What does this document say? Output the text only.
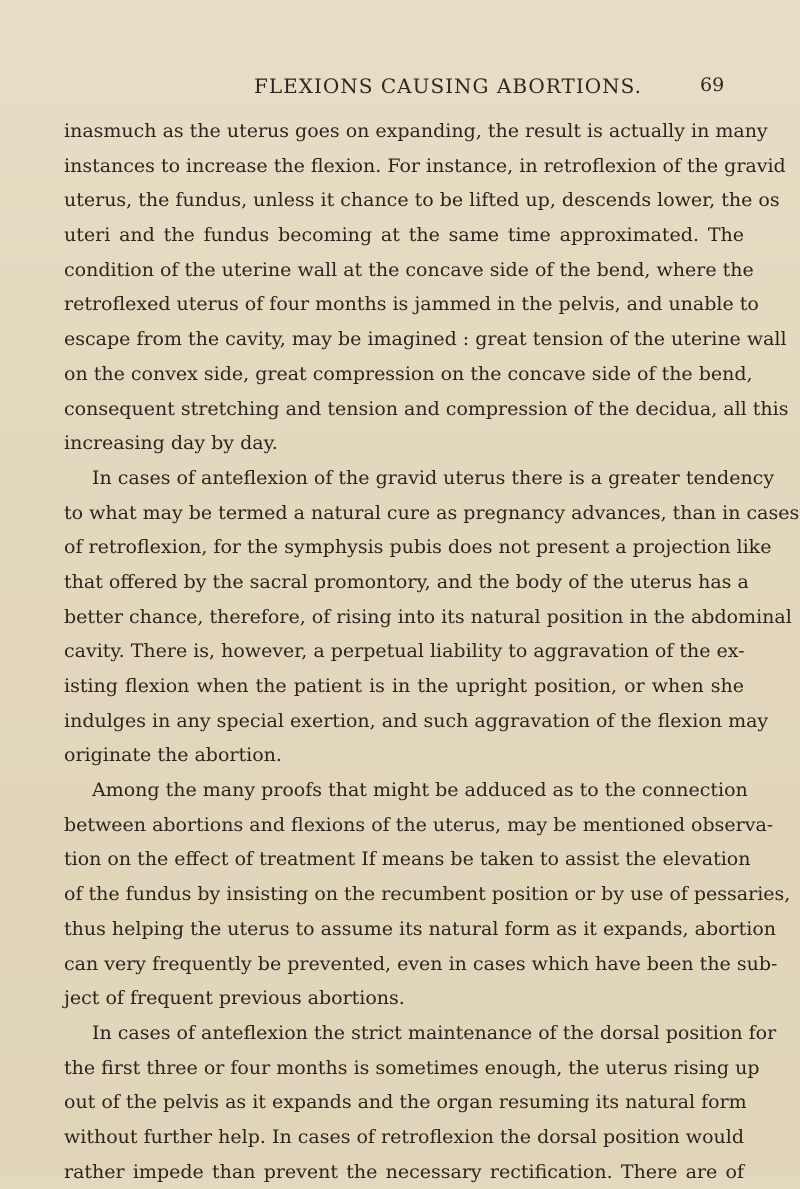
FLEXIONS CAUSING ABORTIONS.	69
inasmuch as the uterus goes on expanding, the result is actually in many
instances to increase the flexion. For instance, in retroflexion of the gravid
uterus, the fundus, unless it chance to be lifted up, descends lower, the os
uteri and the fundus becoming at the same time approximated. The
condition of the uterine wall at the concave side of the bend, where the
retroflexed uterus of four months is jammed in the pelvis, and unable to
escape from the cavity, may be imagined : great tension of the uterine wall
on the convex side, great compression on the concave side of the bend,
consequent stretching and tension and compression of the decidua, all this
increasing day by day.
In cases of anteflexion of the gravid uterus there is a greater tendency
to what may be termed a natural cure as pregnancy advances, than in cases
of retroflexion, for the symphysis pubis does not present a projection like
that offered by the sacral promontory, and the body of the uterus has a
better chance, therefore, of rising into its natural position in the abdominal
cavity. There is, however, a perpetual liability to aggravation of the ex-
isting flexion when the patient is in the upright position, or when she
indulges in any special exertion, and such aggravation of the flexion may
originate the abortion.
Among the many proofs that might be adduced as to the connection
between abortions and flexions of the uterus, may be mentioned observa-
tion on the effect of treatment If means be taken to assist the elevation
of the fundus by insisting on the recumbent position or by use of pessaries,
thus helping the uterus to assume its natural form as it expands, abortion
can very frequently be prevented, even in cases which have been the sub-
ject of frequent previous abortions.
In cases of anteflexion the strict maintenance of the dorsal position for
the first three or four months is sometimes enough, the uterus rising up
out of the pelvis as it expands and the organ resuming its natural form
without further help. In cases of retroflexion the dorsal position would
rather impede than prevent the necessary rectification. There are of
